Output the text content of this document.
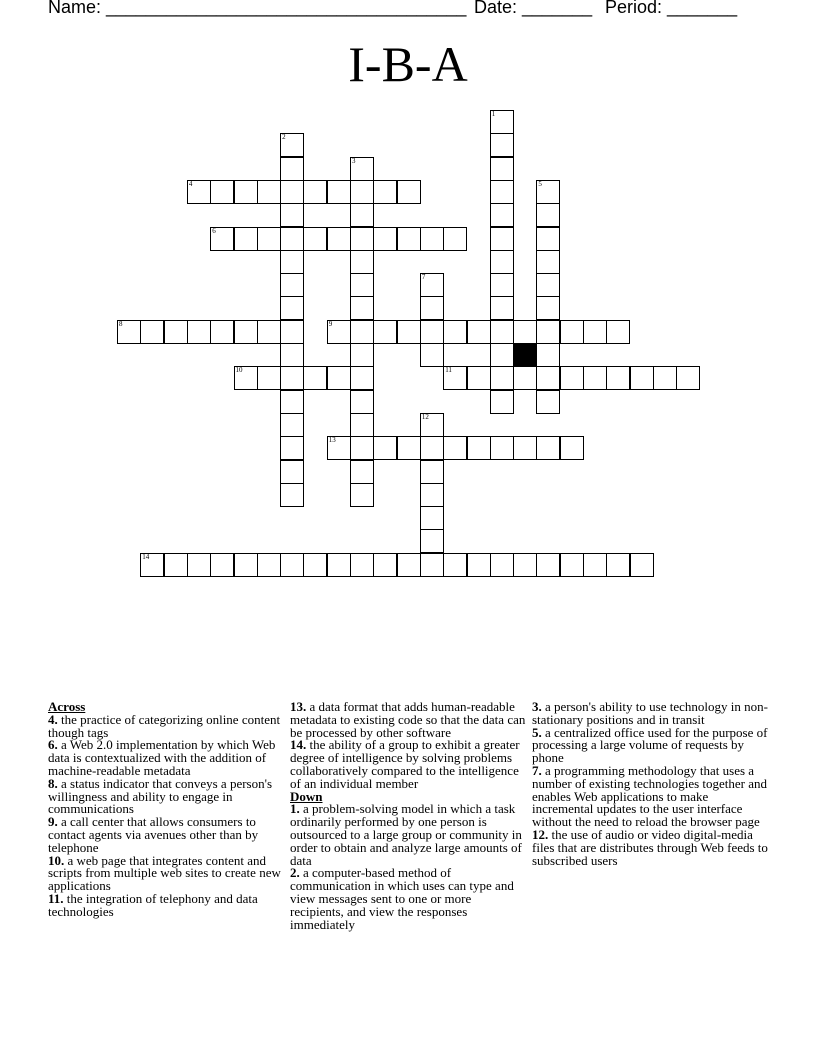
Name: ____________________________________ Date: _______ Period: _______
I-B-A
1
2
3
4	5
6
7
8	9
10	11
12
13
14

Across

4. the practice of categorizing online content though tags

6. a Web 2.0 implementation by which Web data is contextualized with the addition of machine-readable metadata

8. a status indicator that conveys a person's willingness and ability to engage in communications

9. a call center that allows consumers to contact agents via avenues other than by telephone

10. a web page that integrates content and scripts from multiple web sites to create new applications

11. the integration of telephony and data technologies

13. a data format that adds human-readable metadata to existing code so that the data can be processed by other software

14. the ability of a group to exhibit a greater degree of intelligence by solving problems collaboratively compared to the intelligence of an individual member

Down

1. a problem-solving model in which a task ordinarily performed by one person is outsourced to a large group or community in order to obtain and analyze large amounts of data

2. a computer-based method of communication in which uses can type and view messages sent to one or more recipients, and view the responses immediately

3. a person's ability to use technology in non-stationary positions and in transit

5. a centralized office used for the purpose of processing a large volume of requests by phone

7. a programming methodology that uses a number of existing technologies together and enables Web applications to make incremental updates to the user interface without the need to reload the browser page

12. the use of audio or video digital-media files that are distributes through Web feeds to subscribed users
